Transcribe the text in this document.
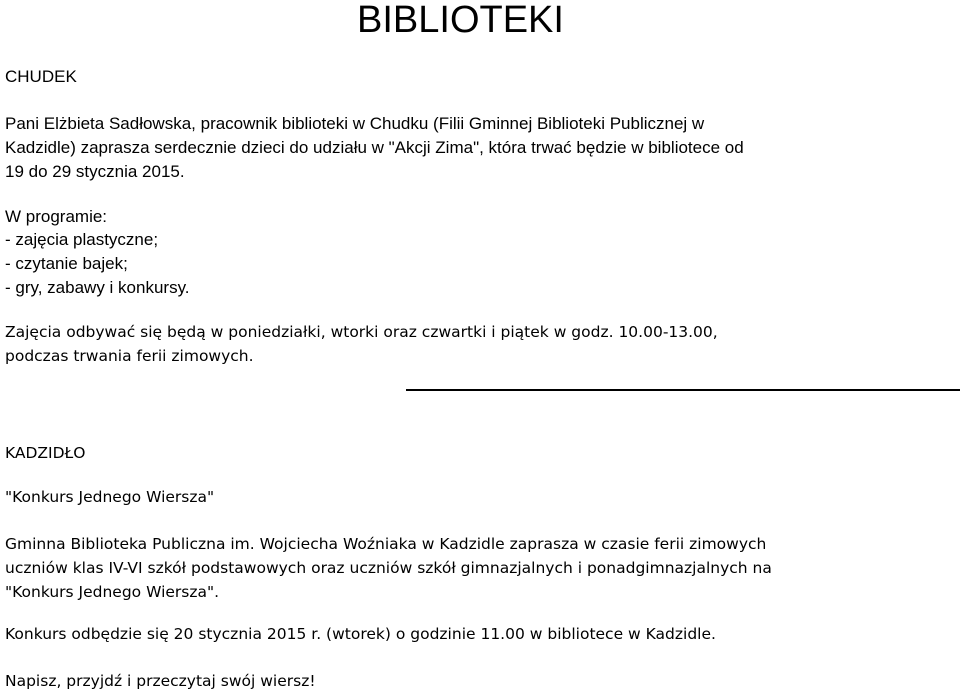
BIBLIOTEKI
CHUDEK
Pani Elżbieta Sadłowska, pracownik biblioteki w Chudku (Filii Gminnej Biblioteki Publicznej w
Kadzidle) zaprasza serdecznie dzieci do udziału w "Akcji Zima", która trwać będzie w bibliotece od
19 do 29 stycznia 2015.
W programie:
- zajęcia plastyczne;
- czytanie bajek;
- gry, zabawy i konkursy.
Zajęcia odbywać się będą w poniedziałki, wtorki oraz czwartki i piątek w godz. 10.00-13.00,
podczas trwania ferii zimowych.
KADZIDŁO
"Konkurs Jednego Wiersza"
Gminna Biblioteka Publiczna im. Wojciecha Woźniaka w Kadzidle zaprasza w czasie ferii zimowych
uczniów klas IV-VI szkół podstawowych oraz uczniów szkół gimnazjalnych i ponadgimnazjalnych na
"Konkurs Jednego Wiersza".
Konkurs odbędzie się 20 stycznia 2015 r. (wtorek) o godzinie 11.00 w bibliotece w Kadzidle.
Napisz, przyjdź i przeczytaj swój wiersz!
